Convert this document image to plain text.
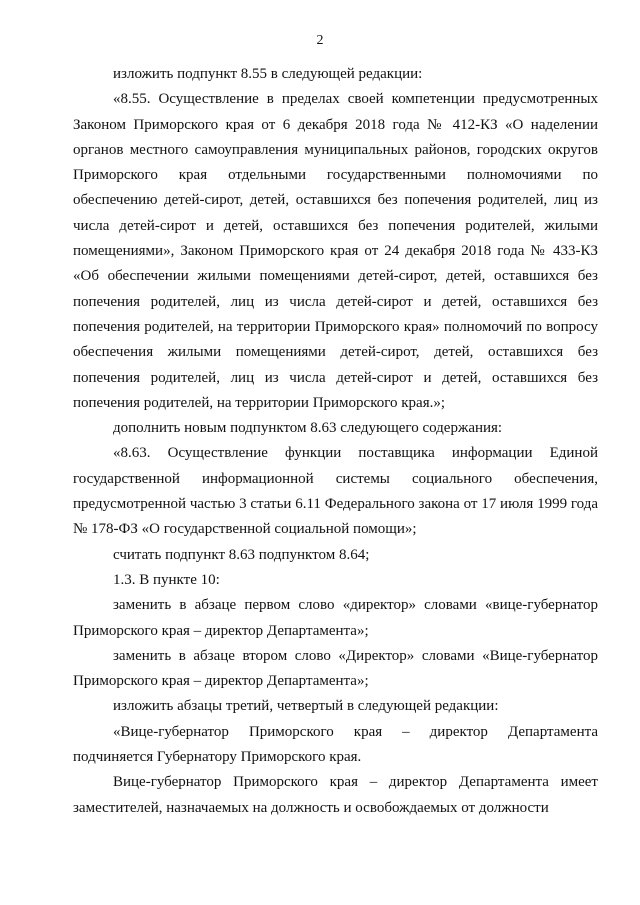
2

изложить подпункт 8.55 в следующей редакции:

«8.55. Осуществление в пределах своей компетенции предусмотренных Законом Приморского края от 6 декабря 2018 года № 412-КЗ «О наделении органов местного самоуправления муниципальных районов, городских округов Приморского края отдельными государственными полномочиями по обеспечению детей-сирот, детей, оставшихся без попечения родителей, лиц из числа детей-сирот и детей, оставшихся без попечения родителей, жилыми помещениями», Законом Приморского края от 24 декабря 2018 года № 433-КЗ «Об обеспечении жилыми помещениями детей-сирот, детей, оставшихся без попечения родителей, лиц из числа детей-сирот и детей, оставшихся без попечения родителей, на территории Приморского края» полномочий по вопросу обеспечения жилыми помещениями детей-сирот, детей, оставшихся без попечения родителей, лиц из числа детей-сирот и детей, оставшихся без попечения родителей, на территории Приморского края.»;

дополнить новым подпунктом 8.63 следующего содержания:

«8.63. Осуществление функции поставщика информации Единой государственной информационной системы социального обеспечения, предусмотренной частью 3 статьи 6.11 Федерального закона от 17 июля 1999 года № 178-ФЗ «О государственной социальной помощи»;

считать подпункт 8.63 подпунктом 8.64;

1.3. В пункте 10:

заменить в абзаце первом слово «директор» словами «вице-губернатор Приморского края – директор Департамента»;

заменить в абзаце втором слово «Директор» словами «Вице-губернатор Приморского края – директор Департамента»;

изложить абзацы третий, четвертый в следующей редакции:

«Вице-губернатор Приморского края – директор Департамента подчиняется Губернатору Приморского края.

Вице-губернатор Приморского края – директор Департамента имеет заместителей, назначаемых на должность и освобождаемых от должности
